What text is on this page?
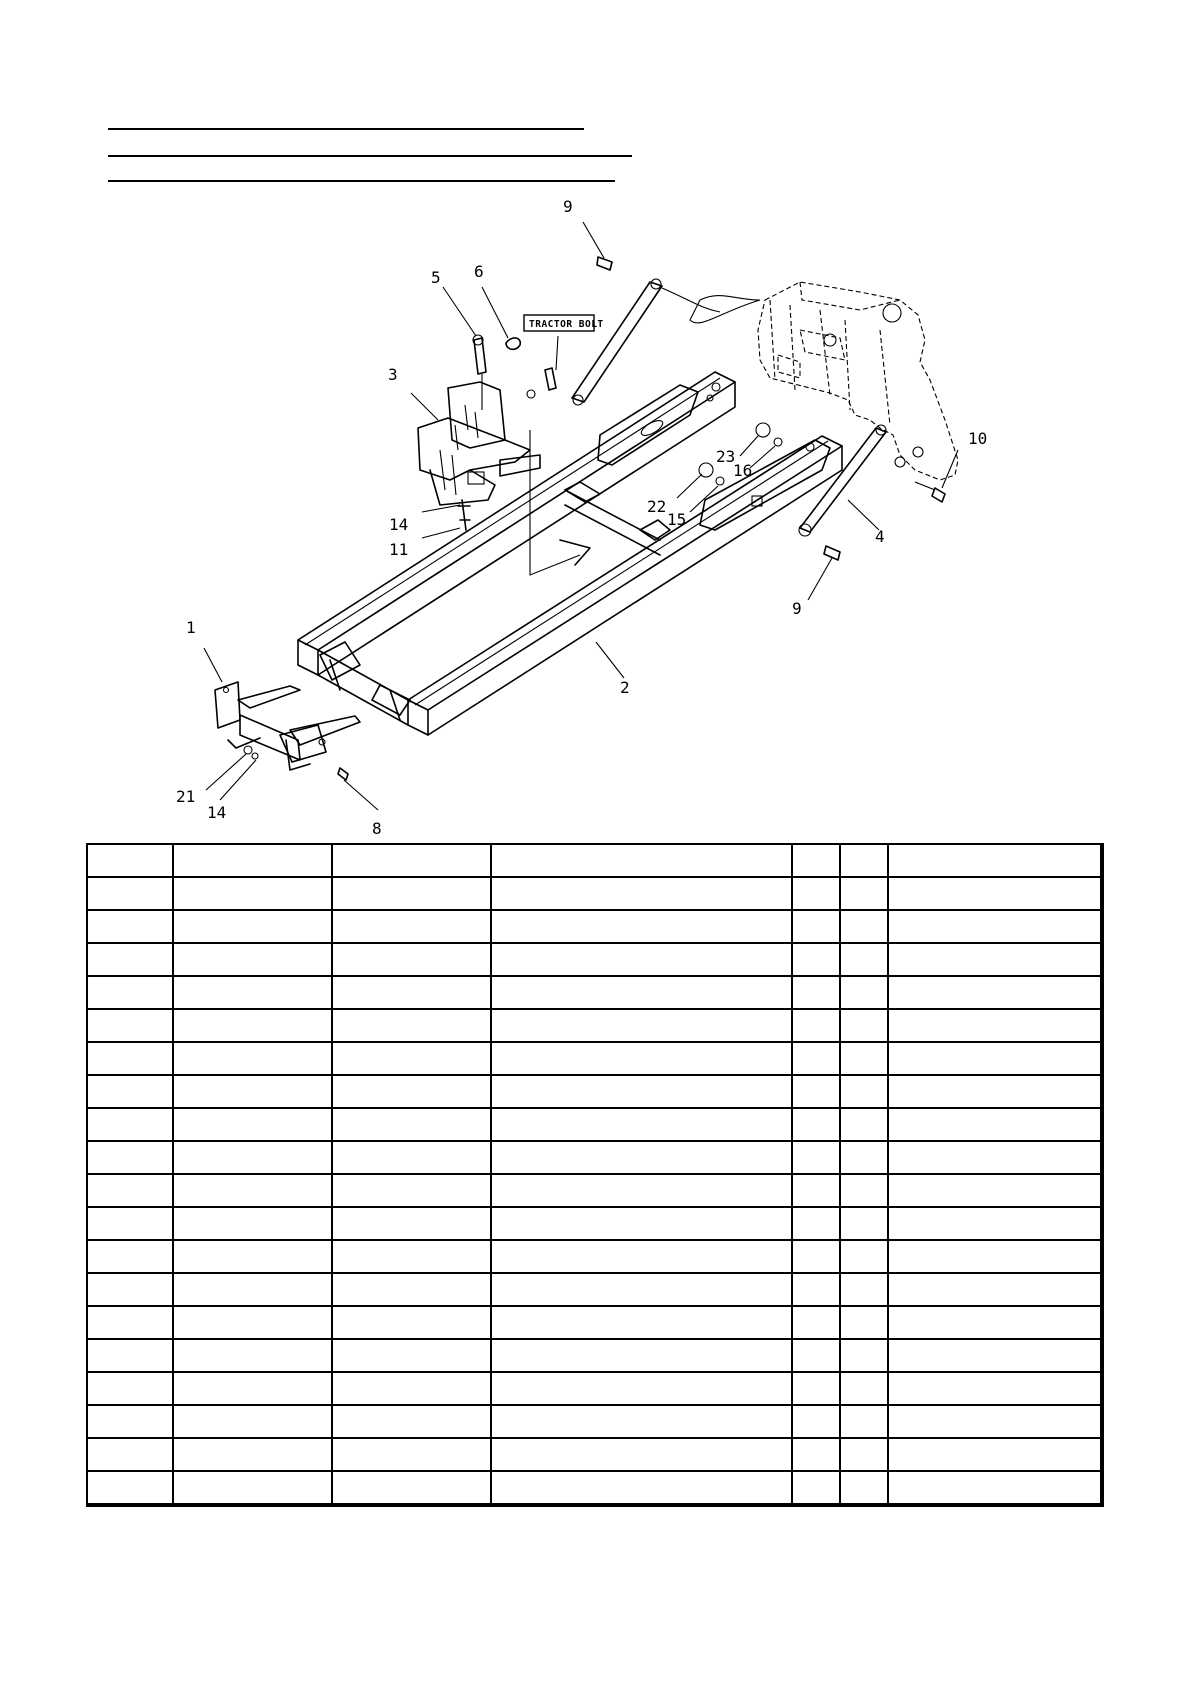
TRACTOR BOLT
9
5 6
3
10
23
16
22
15
14
11
4
9
1
2
21
14
8
